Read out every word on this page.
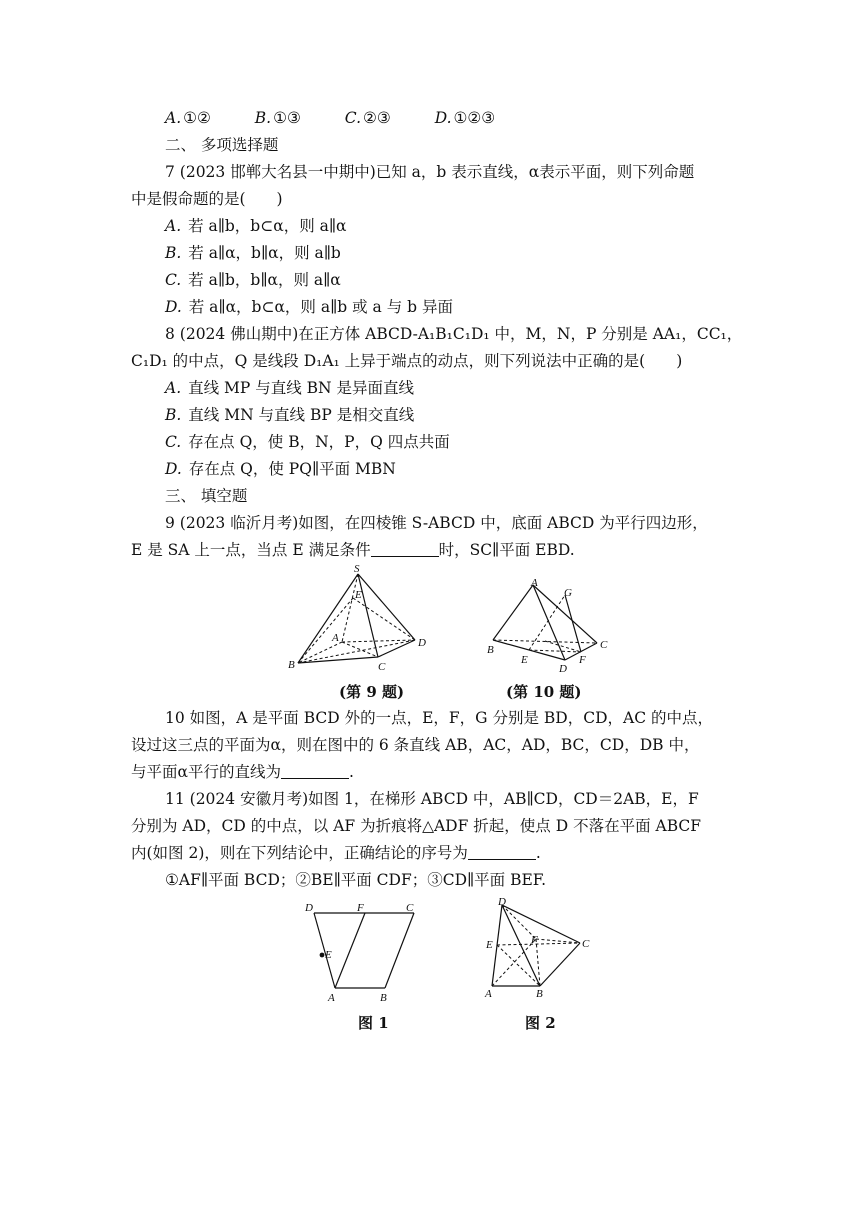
A. ①②	B. ①③	C. ②③	D. ①②③
二、 多项选择题
7 (2023 邯郸大名县一中期中)已知 a，b 表示直线，α表示平面，则下列命题
中是假命题的是(　　)
A. 若 a∥b，b⊂α，则 a∥α
B. 若 a∥α，b∥α，则 a∥b
C. 若 a∥b，b∥α，则 a∥α
D. 若 a∥α，b⊂α，则 a∥b 或 a 与 b 异面
8 (2024 佛山期中)在正方体 ABCD-A₁B₁C₁D₁ 中，M，N，P 分别是 AA₁，CC₁，
C₁D₁ 的中点，Q 是线段 D₁A₁ 上异于端点的动点，则下列说法中正确的是(　　)
A. 直线 MP 与直线 BN 是异面直线
B. 直线 MN 与直线 BP 是相交直线
C. 存在点 Q，使 B，N，P，Q 四点共面
D. 存在点 Q，使 PQ∥平面 MBN
三、 填空题
9 (2023 临沂月考)如图，在四棱锥 S-ABCD 中，底面 ABCD 为平行四边形，
E 是 SA 上一点，当点 E 满足条件	时，SC∥平面 EBD.
S
E
A	D
B	C
(第 9 题)
A
G
C
B
E
D
F
(第 10 题)
10 如图，A 是平面 BCD 外的一点，E，F，G 分别是 BD，CD，AC 的中点，
设过这三点的平面为α，则在图中的 6 条直线 AB，AC，AD，BC，CD，DB 中，
与平面α平行的直线为	.
11 (2024 安徽月考)如图 1，在梯形 ABCD 中，AB∥CD，CD＝2AB，E，F
分别为 AD，CD 的中点，以 AF 为折痕将△ADF 折起，使点 D 不落在平面 ABCF
内(如图 2)，则在下列结论中，正确结论的序号为	.
①AF∥平面 BCD；②BE∥平面 CDF；③CD∥平面 BEF.
D	F	C
E
A	B
图 1
D
E	F	C
A	B
图 2
